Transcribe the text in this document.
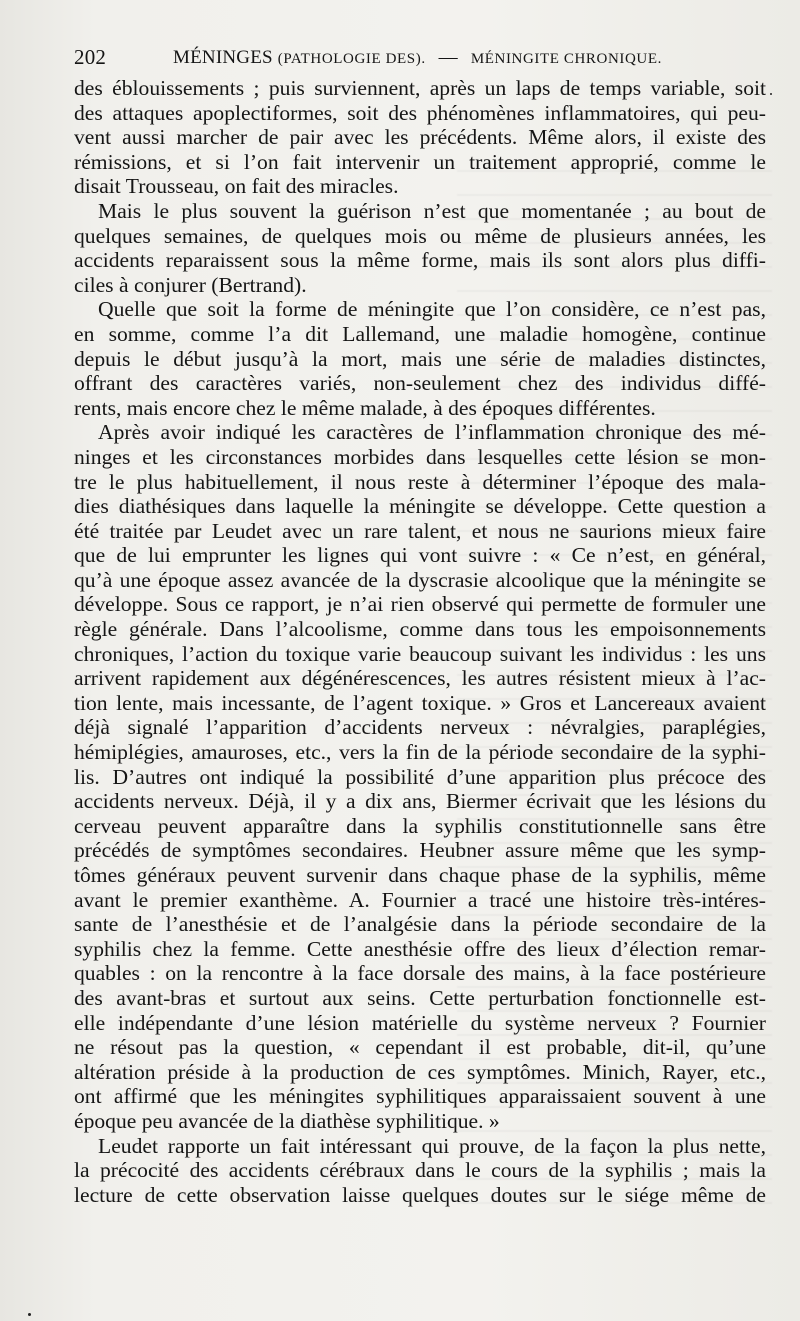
202	MÉNINGES (PATHOLOGIE DES). — MÉNINGITE CHRONIQUE.
des éblouissements ; puis surviennent, après un laps de temps variable, soit
des attaques apoplectiformes, soit des phénomènes inflammatoires, qui peu-
vent aussi marcher de pair avec les précédents. Même alors, il existe des
rémissions, et si l’on fait intervenir un traitement approprié, comme le
disait Trousseau, on fait des miracles.
Mais le plus souvent la guérison n’est que momentanée ; au bout de
quelques semaines, de quelques mois ou même de plusieurs années, les
accidents reparaissent sous la même forme, mais ils sont alors plus diffi-
ciles à conjurer (Bertrand).
Quelle que soit la forme de méningite que l’on considère, ce n’est pas,
en somme, comme l’a dit Lallemand, une maladie homogène, continue
depuis le début jusqu’à la mort, mais une série de maladies distinctes,
offrant des caractères variés, non-seulement chez des individus diffé-
rents, mais encore chez le même malade, à des époques différentes.
Après avoir indiqué les caractères de l’inflammation chronique des mé-
ninges et les circonstances morbides dans lesquelles cette lésion se mon-
tre le plus habituellement, il nous reste à déterminer l’époque des mala-
dies diathésiques dans laquelle la méningite se développe. Cette question a
été traitée par Leudet avec un rare talent, et nous ne saurions mieux faire
que de lui emprunter les lignes qui vont suivre : « Ce n’est, en général,
qu’à une époque assez avancée de la dyscrasie alcoolique que la méningite se
développe. Sous ce rapport, je n’ai rien observé qui permette de formuler une
règle générale. Dans l’alcoolisme, comme dans tous les empoisonnements
chroniques, l’action du toxique varie beaucoup suivant les individus : les uns
arrivent rapidement aux dégénérescences, les autres résistent mieux à l’ac-
tion lente, mais incessante, de l’agent toxique. » Gros et Lancereaux avaient
déjà signalé l’apparition d’accidents nerveux : névralgies, paraplégies,
hémiplégies, amauroses, etc., vers la fin de la période secondaire de la syphi-
lis. D’autres ont indiqué la possibilité d’une apparition plus précoce des
accidents nerveux. Déjà, il y a dix ans, Biermer écrivait que les lésions du
cerveau peuvent apparaître dans la syphilis constitutionnelle sans être
précédés de symptômes secondaires. Heubner assure même que les symp-
tômes généraux peuvent survenir dans chaque phase de la syphilis, même
avant le premier exanthème. A. Fournier a tracé une histoire très-intéres-
sante de l’anesthésie et de l’analgésie dans la période secondaire de la
syphilis chez la femme. Cette anesthésie offre des lieux d’élection remar-
quables : on la rencontre à la face dorsale des mains, à la face postérieure
des avant-bras et surtout aux seins. Cette perturbation fonctionnelle est-
elle indépendante d’une lésion matérielle du système nerveux ? Fournier
ne résout pas la question, « cependant il est probable, dit-il, qu’une
altération préside à la production de ces symptômes. Minich, Rayer, etc.,
ont affirmé que les méningites syphilitiques apparaissaient souvent à une
époque peu avancée de la diathèse syphilitique. »
Leudet rapporte un fait intéressant qui prouve, de la façon la plus nette,
la précocité des accidents cérébraux dans le cours de la syphilis ; mais la
lecture de cette observation laisse quelques doutes sur le siége même de
